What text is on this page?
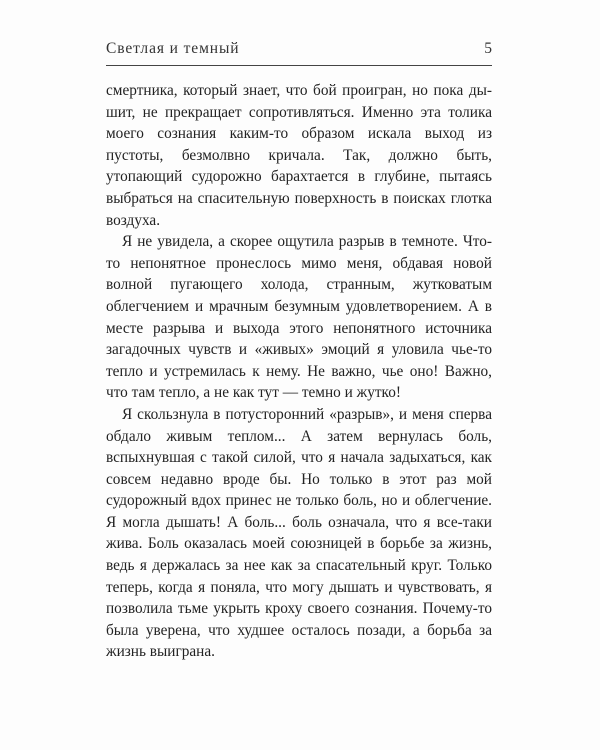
Светлая и темный	5

смертника, который знает, что бой проигран, но пока дышит, не прекращает сопротивляться. Именно эта толика моего сознания каким-то образом искала выход из пустоты, безмолвно кричала. Так, должно быть, утопающий судорожно барахтается в глубине, пытаясь выбраться на спасительную поверхность в поисках глотка воздуха.

Я не увидела, а скорее ощутила разрыв в темноте. Что-то непонятное пронеслось мимо меня, обдавая новой волной пугающего холода, странным, жутковатым облегчением и мрачным безумным удовлетворением. А в месте разрыва и выхода этого непонятного источника загадочных чувств и «живых» эмоций я уловила чье-то тепло и устремилась к нему. Не важно, чье оно! Важно, что там тепло, а не как тут — темно и жутко!

Я скользнула в потусторонний «разрыв», и меня сперва обдало живым теплом... А затем вернулась боль, вспыхнувшая с такой силой, что я начала задыхаться, как совсем недавно вроде бы. Но только в этот раз мой судорожный вдох принес не только боль, но и облегчение. Я могла дышать! А боль... боль означала, что я все-таки жива. Боль оказалась моей союзницей в борьбе за жизнь, ведь я держалась за нее как за спасательный круг. Только теперь, когда я поняла, что могу дышать и чувствовать, я позволила тьме укрыть кроху своего сознания. Почему-то была уверена, что худшее осталось позади, а борьба за жизнь выиграна.
